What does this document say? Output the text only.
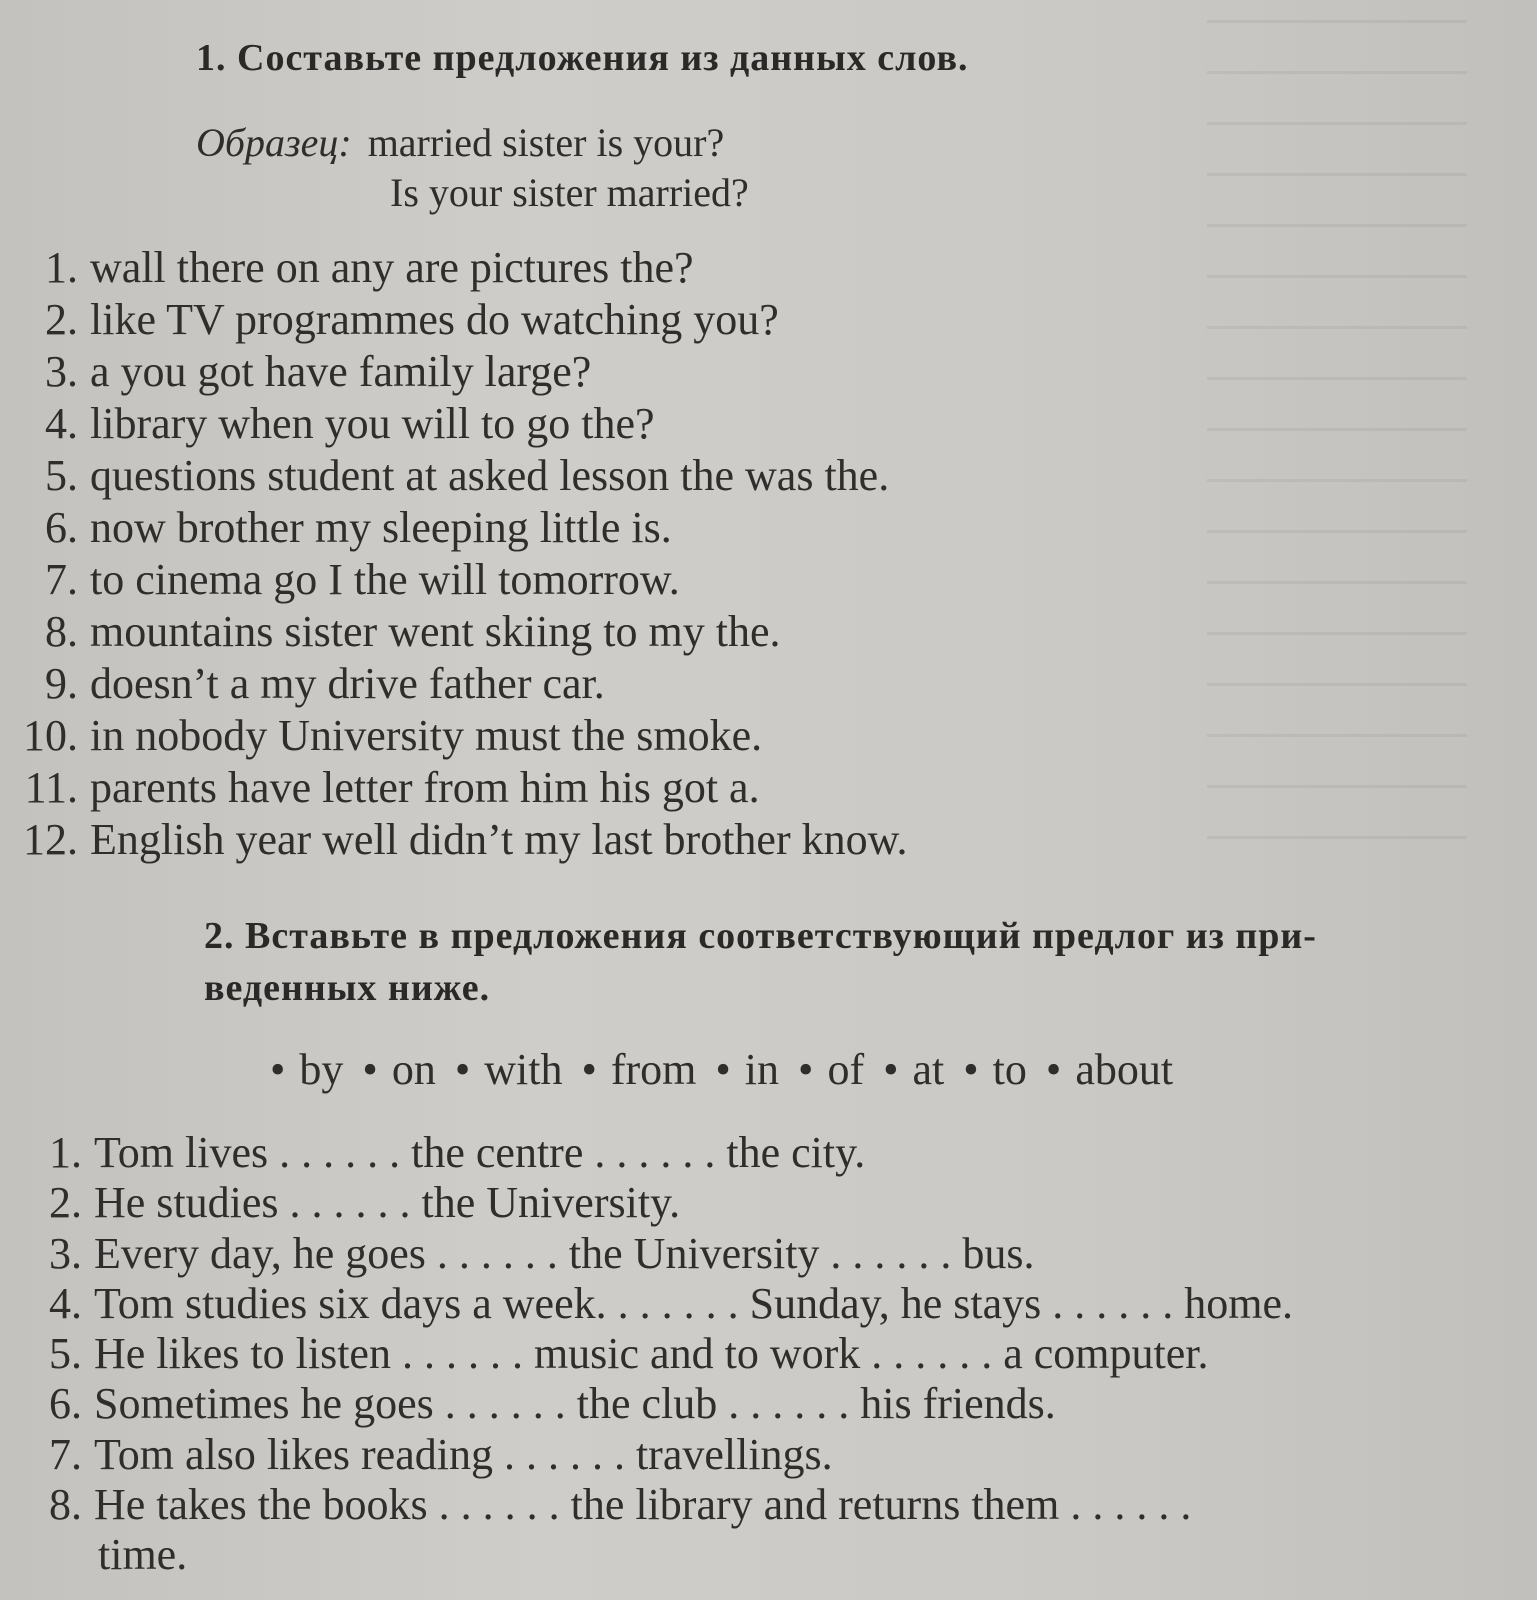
1. Составьте предложения из данных слов.
Образец: married sister is your?
Is your sister married?
1. wall there on any are pictures the?
2. like TV programmes do watching you?
3. a you got have family large?
4. library when you will to go the?
5. questions student at asked lesson the was the.
6. now brother my sleeping little is.
7. to cinema go I the will tomorrow.
8. mountains sister went skiing to my the.
9. doesn’t a my drive father car.
10. in nobody University must the smoke.
11. parents have letter from him his got a.
12. English year well didn’t my last brother know.
2. Вставьте в предложения соответствующий предлог из при-
веденных ниже.
• by • on • with • from • in • of • at • to • about
1. Tom lives . . . . . . the centre . . . . . . the city.
2. He studies . . . . . . the University.
3. Every day, he goes . . . . . . the University . . . . . . bus.
4. Tom studies six days a week. . . . . . . Sunday, he stays . . . . . . home.
5. He likes to listen . . . . . . music and to work . . . . . . a computer.
6. Sometimes he goes . . . . . . the club . . . . . . his friends.
7. Tom also likes reading . . . . . . travellings.
8. He takes the books . . . . . . the library and returns them . . . . . .
time.
